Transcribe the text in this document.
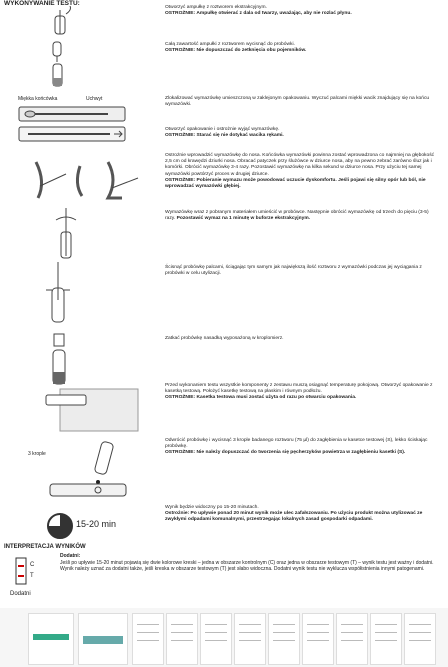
WYKONYWANIE TESTU:
Otworzyć ampułkę z roztworem ekstrakcyjnym.
OSTROŻNIE: Ampułkę otwierać z dala od twarzy, uważając, aby nie rozlać płynu.
Całą zawartość ampułki z roztworem wycisnąć do probówki.
OSTROŻNIE: Nie dopuszczać do zetknięcia obu pojemników.
Zlokalizować wymazówkę umieszczoną w zaklejonym opakowaniu. Wyczuć palcami miękki wacik znajdujący się na końcu wymazówki.
Otworzyć opakowanie i ostrożnie wyjąć wymazówkę.
OSTROŻNIE: Starać się nie dotykać wacika rękami.
Ostrożnie wprowadzić wymazówkę do nosa. Końcówka wymazówki powinna zostać wprowadzona co najmniej na głębokość 2,5 cm od krawędzi dziurki nosa. Obracać patyczek przy ślużówce w dziurce nosa, aby na pewno zebrać zarówno śluz jak i komórki. Obrócić wymazówkę 3-4 razy. Pozostawić wymazówkę na kilka sekund w dziurce nosa. Przy użyciu tej samej wymazówki powtórzyć proces w drugiej dziurce.
OSTROŻNIE: Pobieranie wymazu może powodować uczucie dyskomfortu. Jeśli pojawi się silny opór lub ból, nie wprowadzać wymazówki głębiej.
Wymazówkę wraz z pobranym materiałem umieścić w probówce. Następnie obrócić wymazówkę od trzech do pięciu (3-5) razy. Pozostawić wymaz na 1 minutę w buforze ekstrakcyjnym.
Ścisnąć probówkę palcami, ściągając tym samym jak największą ilość roztworu z wymazówki podczas jej wyciągania z probówki w celu utylizacji.
Zatkać probówkę nasadką wyposażoną w kroplomierz.
Przed wykonaniem testu wszystkie komponenty z zestawu muszą osiągnąć temperaturę pokojową. Otworzyć opakowanie z kasetką testową. Położyć kasetkę testową na płaskim i równym podłożu.
OSTROŻNIE: Kasetka testowa musi zostać użyta od razu po otwarciu opakowania.
Odwrócić probówkę i wycisnąć 3 krople badanego roztworu (75 µl) do zagłębienia w kasetce testowej (S), lekko ściskając probówkę.
OSTROŻNIE: Nie należy dopuszczać do tworzenia się pęcherzyków powietrza w zagłębieniu kasetki (S).
Wynik będzie widoczny po 15-20 minutach.
Ostrożnie: Po upływie ponad 20 minut wynik może ulec zafałszowaniu. Po użyciu produkt można utylizować ze zwykłymi odpadami komunalnymi, przestrzegając lokalnych zasad gospodarki odpadami.
Miękka końcówka	Uchwyt
3 krople
15-20 min
INTERPRETACJA WYNIKÓW
C
T
Dodatni
Dodatni:
Jeśli po upływie 15-20 minut pojawią się dwie kolorowe kreski – jedna w obszarze kontrolnym (C) oraz jedna w obszarze testowym (T) – wynik testu jest ważny i dodatni. Wynik należy uznać za dodatni także, jeśli kreska w obszarze testowym (T) jest słabo widoczna. Dodatni wynik testu nie wyklucza współistnienia innymi patogenami.
